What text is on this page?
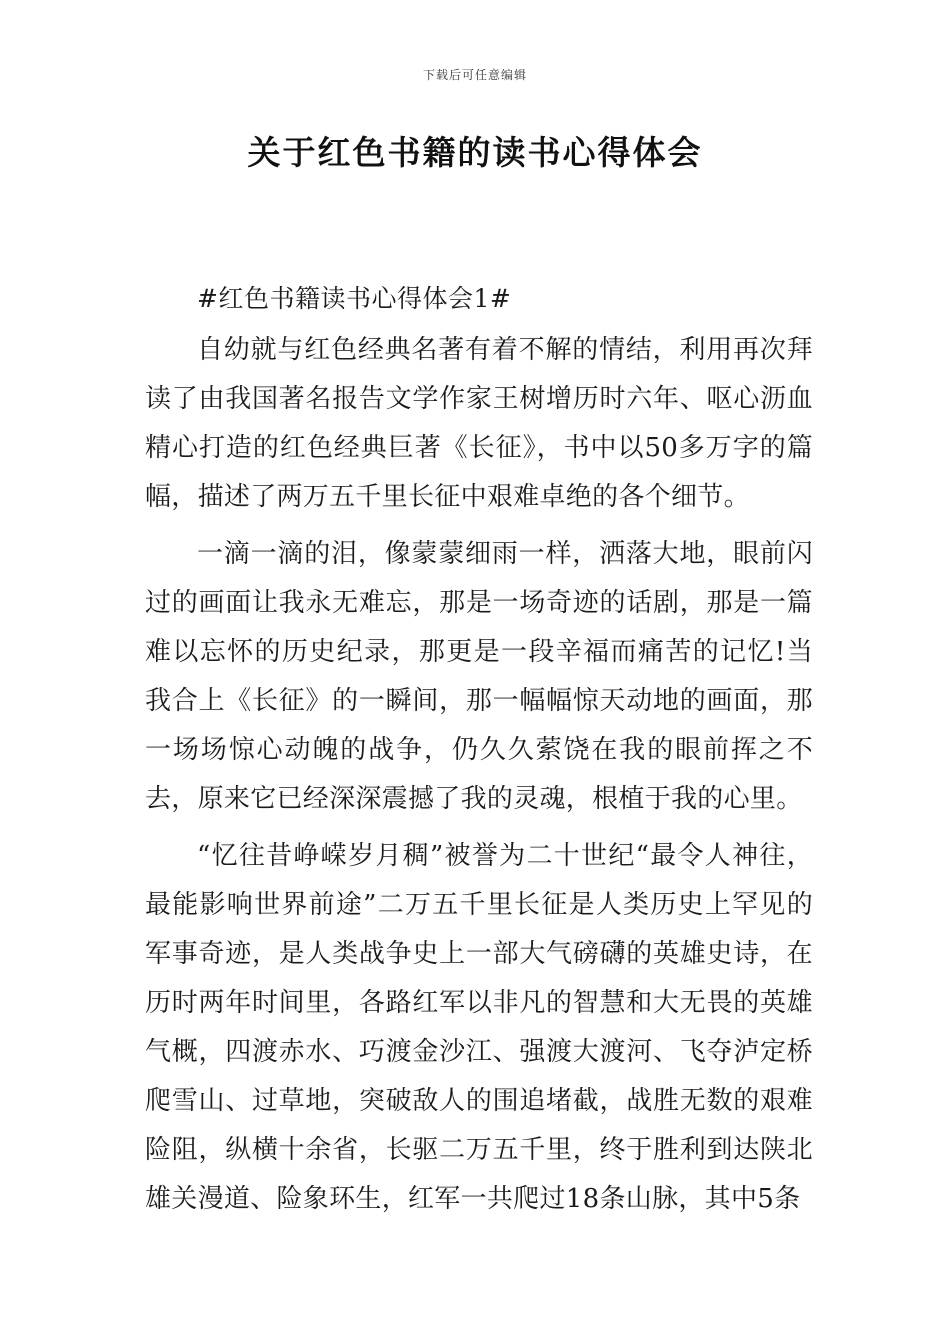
下载后可任意编辑
关于红色书籍的读书心得体会

#红色书籍读书心得体会1#

自幼就与红色经典名著有着不解的情结，利用再次拜读了由我国著名报告文学作家王树增历时六年、呕心沥血精心打造的红色经典巨著《长征》，书中以50多万字的篇幅，描述了两万五千里长征中艰难卓绝的各个细节。

一滴一滴的泪，像蒙蒙细雨一样，洒落大地，眼前闪过的画面让我永无难忘，那是一场奇迹的话剧，那是一篇难以忘怀的历史纪录，那更是一段辛福而痛苦的记忆!当我合上《长征》的一瞬间，那一幅幅惊天动地的画面，那一场场惊心动魄的战争，仍久久萦饶在我的眼前挥之不去，原来它已经深深震撼了我的灵魂，根植于我的心里。

“忆往昔峥嵘岁月稠”被誉为二十世纪“最令人神往，最能影响世界前途”二万五千里长征是人类历史上罕见的军事奇迹，是人类战争史上一部大气磅礴的英雄史诗，在历时两年时间里，各路红军以非凡的智慧和大无畏的英雄气概，四渡赤水、巧渡金沙江、强渡大渡河、飞夺泸定桥爬雪山、过草地，突破敌人的围追堵截，战胜无数的艰难险阻，纵横十余省，长驱二万五千里，终于胜利到达陕北雄关漫道、险象环生，红军一共爬过18条山脉，其中5条
